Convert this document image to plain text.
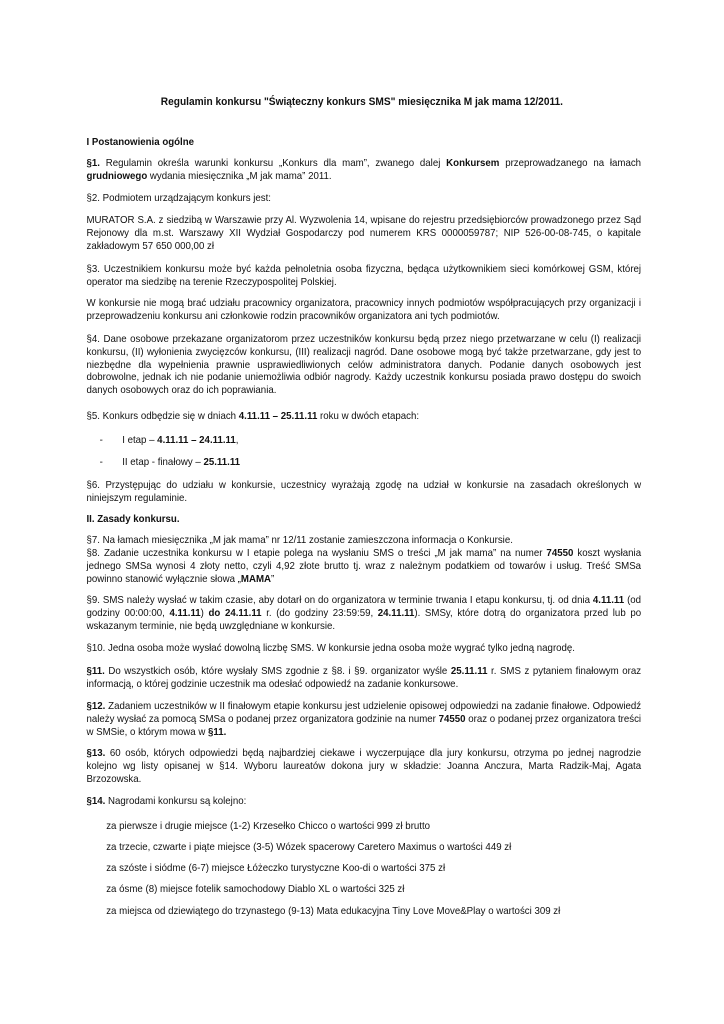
Regulamin konkursu "Świąteczny konkurs SMS" miesięcznika M jak mama 12/2011.
I Postanowienia ogólne
§1. Regulamin określa warunki konkursu „Konkurs dla mam”, zwanego dalej Konkursem przeprowadzanego na łamach grudniowego wydania miesięcznika „M jak mama” 2011.
§2. Podmiotem urządzającym konkurs jest:
MURATOR S.A. z siedzibą w Warszawie przy Al. Wyzwolenia 14, wpisane do rejestru przedsiębiorców prowadzonego przez Sąd Rejonowy dla m.st. Warszawy XII Wydział Gospodarczy pod numerem KRS 0000059787; NIP 526-00-08-745, o kapitale zakładowym 57 650 000,00 zł
§3. Uczestnikiem konkursu może być każda pełnoletnia osoba fizyczna, będąca użytkownikiem sieci komórkowej GSM, której operator ma siedzibę na terenie Rzeczypospolitej Polskiej.
W konkursie nie mogą brać udziału pracownicy organizatora, pracownicy innych podmiotów współpracujących przy organizacji i przeprowadzeniu konkursu ani członkowie rodzin pracowników organizatora ani tych podmiotów.
§4. Dane osobowe przekazane organizatorom przez uczestników konkursu będą przez niego przetwarzane w celu (I) realizacji konkursu, (II) wyłonienia zwycięzców konkursu, (III) realizacji nagród. Dane osobowe mogą być także przetwarzane, gdy jest to niezbędne dla wypełnienia prawnie usprawiedliwionych celów administratora danych. Podanie danych osobowych jest dobrowolne, jednak ich nie podanie uniemożliwia odbiór nagrody. Każdy uczestnik konkursu posiada prawo dostępu do swoich danych osobowych oraz do ich poprawiania.
§5. Konkurs odbędzie się w dniach 4.11.11 – 25.11.11 roku w dwóch etapach:
- I etap – 4.11.11 – 24.11.11,
- II etap - finałowy – 25.11.11
§6. Przystępując do udziału w konkursie, uczestnicy wyrażają zgodę na udział w konkursie na zasadach określonych w niniejszym regulaminie.
II. Zasady konkursu.
§7. Na łamach miesięcznika „M jak mama” nr 12/11 zostanie zamieszczona informacja o Konkursie.
§8. Zadanie uczestnika konkursu w I etapie polega na wysłaniu SMS o treści „M jak mama” na numer 74550 koszt wysłania jednego SMSa wynosi 4 złoty netto, czyli 4,92 złote brutto tj. wraz z należnym podatkiem od towarów i usług. Treść SMSa powinno stanowić wyłącznie słowa „MAMA”
§9. SMS należy wysłać w takim czasie, aby dotarł on do organizatora w terminie trwania I etapu konkursu, tj. od dnia 4.11.11 (od godziny 00:00:00, 4.11.11) do 24.11.11 r. (do godziny 23:59:59, 24.11.11). SMSy, które dotrą do organizatora przed lub po wskazanym terminie, nie będą uwzględniane w konkursie.
§10. Jedna osoba może wysłać dowolną liczbę SMS. W konkursie jedna osoba może wygrać tylko jedną nagrodę.
§11. Do wszystkich osób, które wysłały SMS zgodnie z §8. i §9. organizator wyśle 25.11.11 r. SMS z pytaniem finałowym oraz informacją, o której godzinie uczestnik ma odesłać odpowiedź na zadanie konkursowe.
§12. Zadaniem uczestników w II finałowym etapie konkursu jest udzielenie opisowej odpowiedzi na zadanie finałowe. Odpowiedź należy wysłać za pomocą SMSa o podanej przez organizatora godzinie na numer 74550 oraz o podanej przez organizatora treści w SMSie, o którym mowa w §11.
§13. 60 osób, których odpowiedzi będą najbardziej ciekawe i wyczerpujące dla jury konkursu, otrzyma po jednej nagrodzie kolejno wg listy opisanej w §14. Wyboru laureatów dokona jury w składzie: Joanna Anczura, Marta Radzik-Maj, Agata Brzozowska.
§14. Nagrodami konkursu są kolejno:
za pierwsze i drugie miejsce (1-2) Krzesełko Chicco o wartości 999 zł brutto
za trzecie, czwarte i piąte miejsce (3-5) Wózek spacerowy Caretero Maximus o wartości 449 zł
za szóste i siódme (6-7) miejsce Łóżeczko turystyczne Koo-di o wartości 375 zł
za ósme (8) miejsce fotelik samochodowy Diablo XL o wartości 325 zł
za miejsca od dziewiątego do trzynastego (9-13) Mata edukacyjna Tiny Love Move&Play o wartości 309 zł
